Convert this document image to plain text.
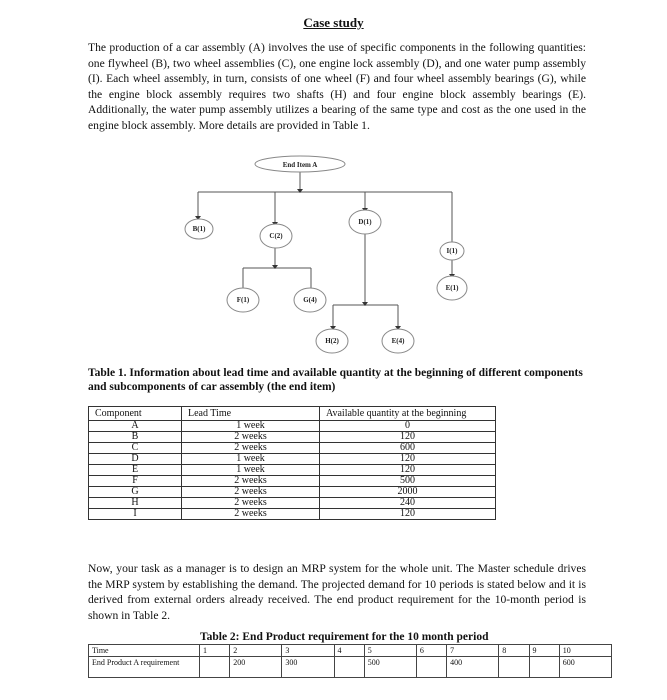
Case study
The production of a car assembly (A) involves the use of specific components in the following quantities: one flywheel (B), two wheel assemblies (C), one engine lock assembly (D), and one water pump assembly (I). Each wheel assembly, in turn, consists of one wheel (F) and four wheel assembly bearings (G), while the engine block assembly requires two shafts (H) and four engine block assembly bearings (E). Additionally, the water pump assembly utilizes a bearing of the same type and cost as the one used in the engine block assembly. More details are provided in Table 1.
End Item A
B(1)
C(2)
D(1)
I(1)
E(1)
F(1)	G(4)
H(2)	E(4)
Table 1. Information about lead time and available quantity at the beginning of different components and subcomponents of car assembly (the end item)
Component	Lead Time	Available quantity at the beginning
A	1 week	0
B	2 weeks	120
C	2 weeks	600
D	1 week	120
E	1 week	120
F	2 weeks	500
G	2 weeks	2000
H	2 weeks	240
I	2 weeks	120
Now, your task as a manager is to design an MRP system for the whole unit. The Master schedule drives the MRP system by establishing the demand. The projected demand for 10 periods is stated below and it is derived from external orders already received. The end product requirement for the 10-month period is shown in Table 2.
Table 2: End Product requirement for the 10 month period
Time	1	2	3	4	5	6	7	8	9	10
End Product A requirement		200	300		500		400			600
